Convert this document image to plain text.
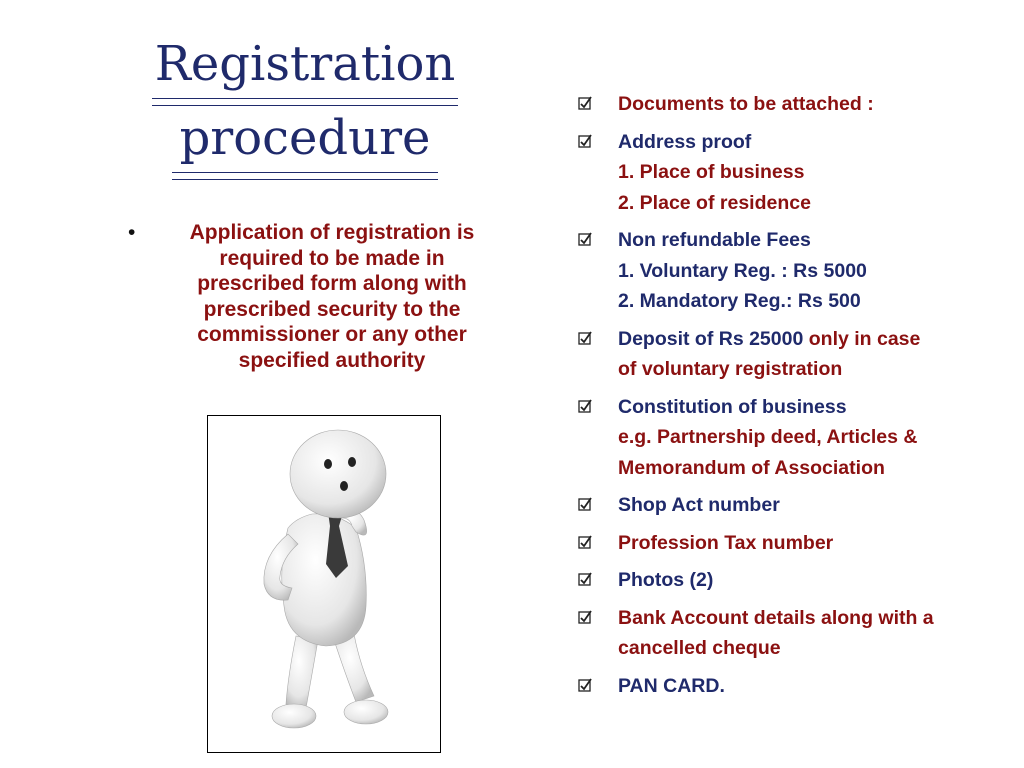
Registration
procedure
•	Application of registration is required to be made in prescribed form along with prescribed security to the commissioner or any other specified authority
Documents to be attached :
Address proof
1. Place of business
2. Place of residence
Non refundable Fees
1. Voluntary Reg. : Rs 5000
2. Mandatory Reg.: Rs 500
Deposit of Rs 25000 only in case
of voluntary registration
Constitution of business
e.g. Partnership deed, Articles &
Memorandum of Association
Shop Act number
Profession Tax number
Photos (2)
Bank Account details along with a
cancelled cheque
PAN CARD.
